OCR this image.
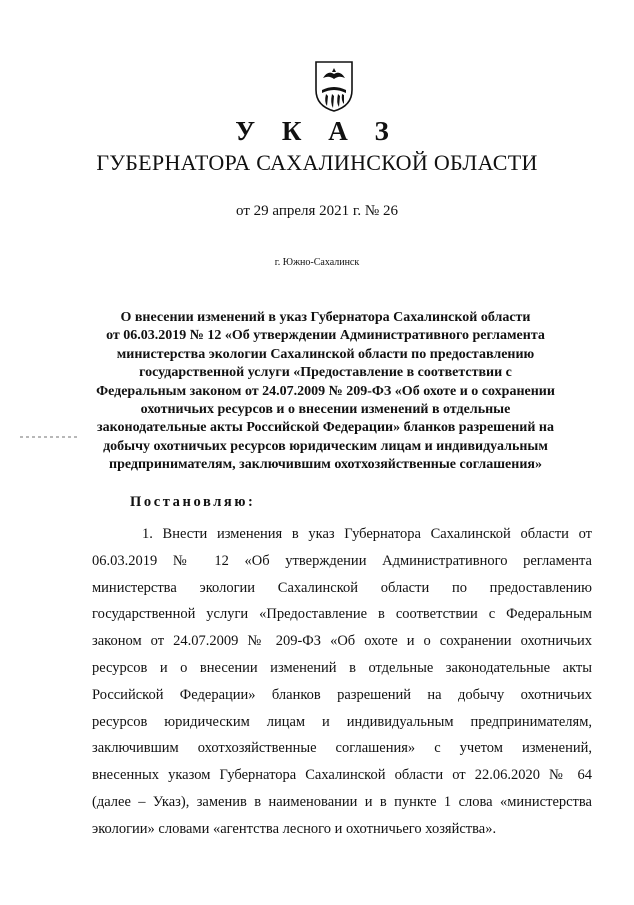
У К А З
ГУБЕРНАТОРА САХАЛИНСКОЙ ОБЛАСТИ
от 29 апреля 2021 г. № 26
г. Южно-Сахалинск
О внесении изменений в указ Губернатора Сахалинской области
от 06.03.2019 № 12 «Об утверждении Административного регламента
министерства экологии Сахалинской области по предоставлению
государственной услуги «Предоставление в соответствии с
Федеральным законом от 24.07.2009 № 209-ФЗ «Об охоте и о сохранении
охотничьих ресурсов и о внесении изменений в отдельные
законодательные акты Российской Федерации» бланков разрешений на
добычу охотничьих ресурсов юридическим лицам и индивидуальным
предпринимателям, заключившим охотхозяйственные соглашения»
Постановляю:
1. Внести изменения в указ Губернатора Сахалинской области от
06.03.2019 № 12 «Об утверждении Административного регламента
министерства экологии Сахалинской области по предоставлению
государственной услуги «Предоставление в соответствии с Федеральным
законом от 24.07.2009 № 209-ФЗ «Об охоте и о сохранении охотничьих
ресурсов и о внесении изменений в отдельные законодательные акты
Российской Федерации» бланков разрешений на добычу охотничьих
ресурсов юридическим лицам и индивидуальным предпринимателям,
заключившим охотхозяйственные соглашения» с учетом изменений,
внесенных указом Губернатора Сахалинской области от 22.06.2020 № 64
(далее – Указ), заменив в наименовании и в пункте 1 слова «министерства
экологии» словами «агентства лесного и охотничьего хозяйства».
